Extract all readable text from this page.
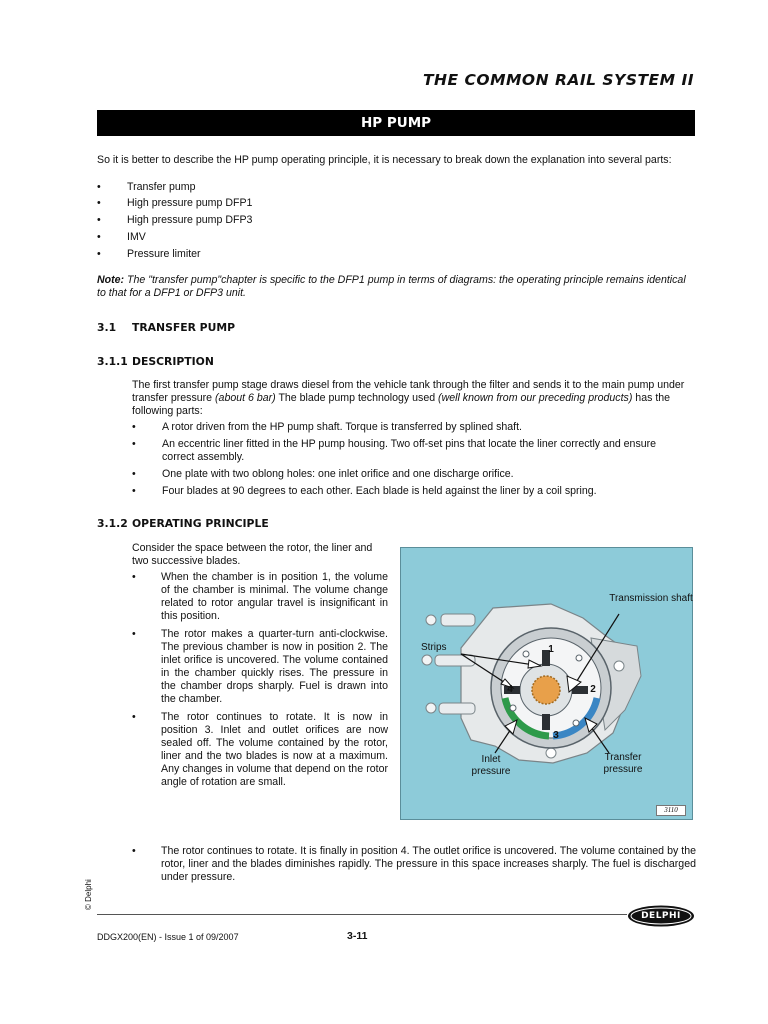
THE COMMON RAIL SYSTEM II
HP PUMP
So it is better to describe the HP pump operating principle, it is necessary to break down the explanation into several parts:
• Transfer pump
• High pressure pump DFP1
• High pressure pump DFP3
• IMV
• Pressure limiter
Note: The "transfer pump"chapter is specific to the DFP1 pump in terms of diagrams: the operating principle remains identical to that for a DFP1 or DFP3 unit.
3.1 TRANSFER PUMP
3.1.1 DESCRIPTION
The first transfer pump stage draws diesel from the vehicle tank through the filter and sends it to the main pump under transfer pressure (about 6 bar) The blade pump technology used (well known from our preceding products) has the following parts:
• A rotor driven from the HP pump shaft. Torque is transferred by splined shaft.
• An eccentric liner fitted in the HP pump housing. Two off-set pins that locate the liner correctly and ensure
correct assembly.
• One plate with two oblong holes: one inlet orifice and one discharge orifice.
• Four blades at 90 degrees to each other. Each blade is held against the liner by a coil spring.
3.1.2 OPERATING PRINCIPLE
Consider the space between the rotor, the liner and two successive blades.
• When the chamber is in position 1, the volume of the chamber is minimal. The volume change related to rotor angular travel is insignificant in this position.
• The rotor makes a quarter-turn anti-clockwise. The previous chamber is now in position 2. The inlet orifice is uncovered. The volume contained in the chamber quickly rises. The pressure in the chamber drops sharply. Fuel is drawn into the chamber.
• The rotor continues to rotate. It is now in position 3. Inlet and outlet orifices are now sealed off. The volume contained by the rotor, liner and the two blades is now at a maximum. Any changes in volume that depend on the rotor angle of rotation are small.
Transmission shaft
Strips
Inlet pressure
Transfer pressure
1
2
3
4
3110
• The rotor continues to rotate. It is finally in position 4. The outlet orifice is uncovered. The volume contained by the rotor, liner and the blades diminishes rapidly. The pressure in this space increases sharply. The fuel is discharged under pressure.
© Delphi
DELPHI
DDGX200(EN) - Issue 1 of 09/2007	3-11
